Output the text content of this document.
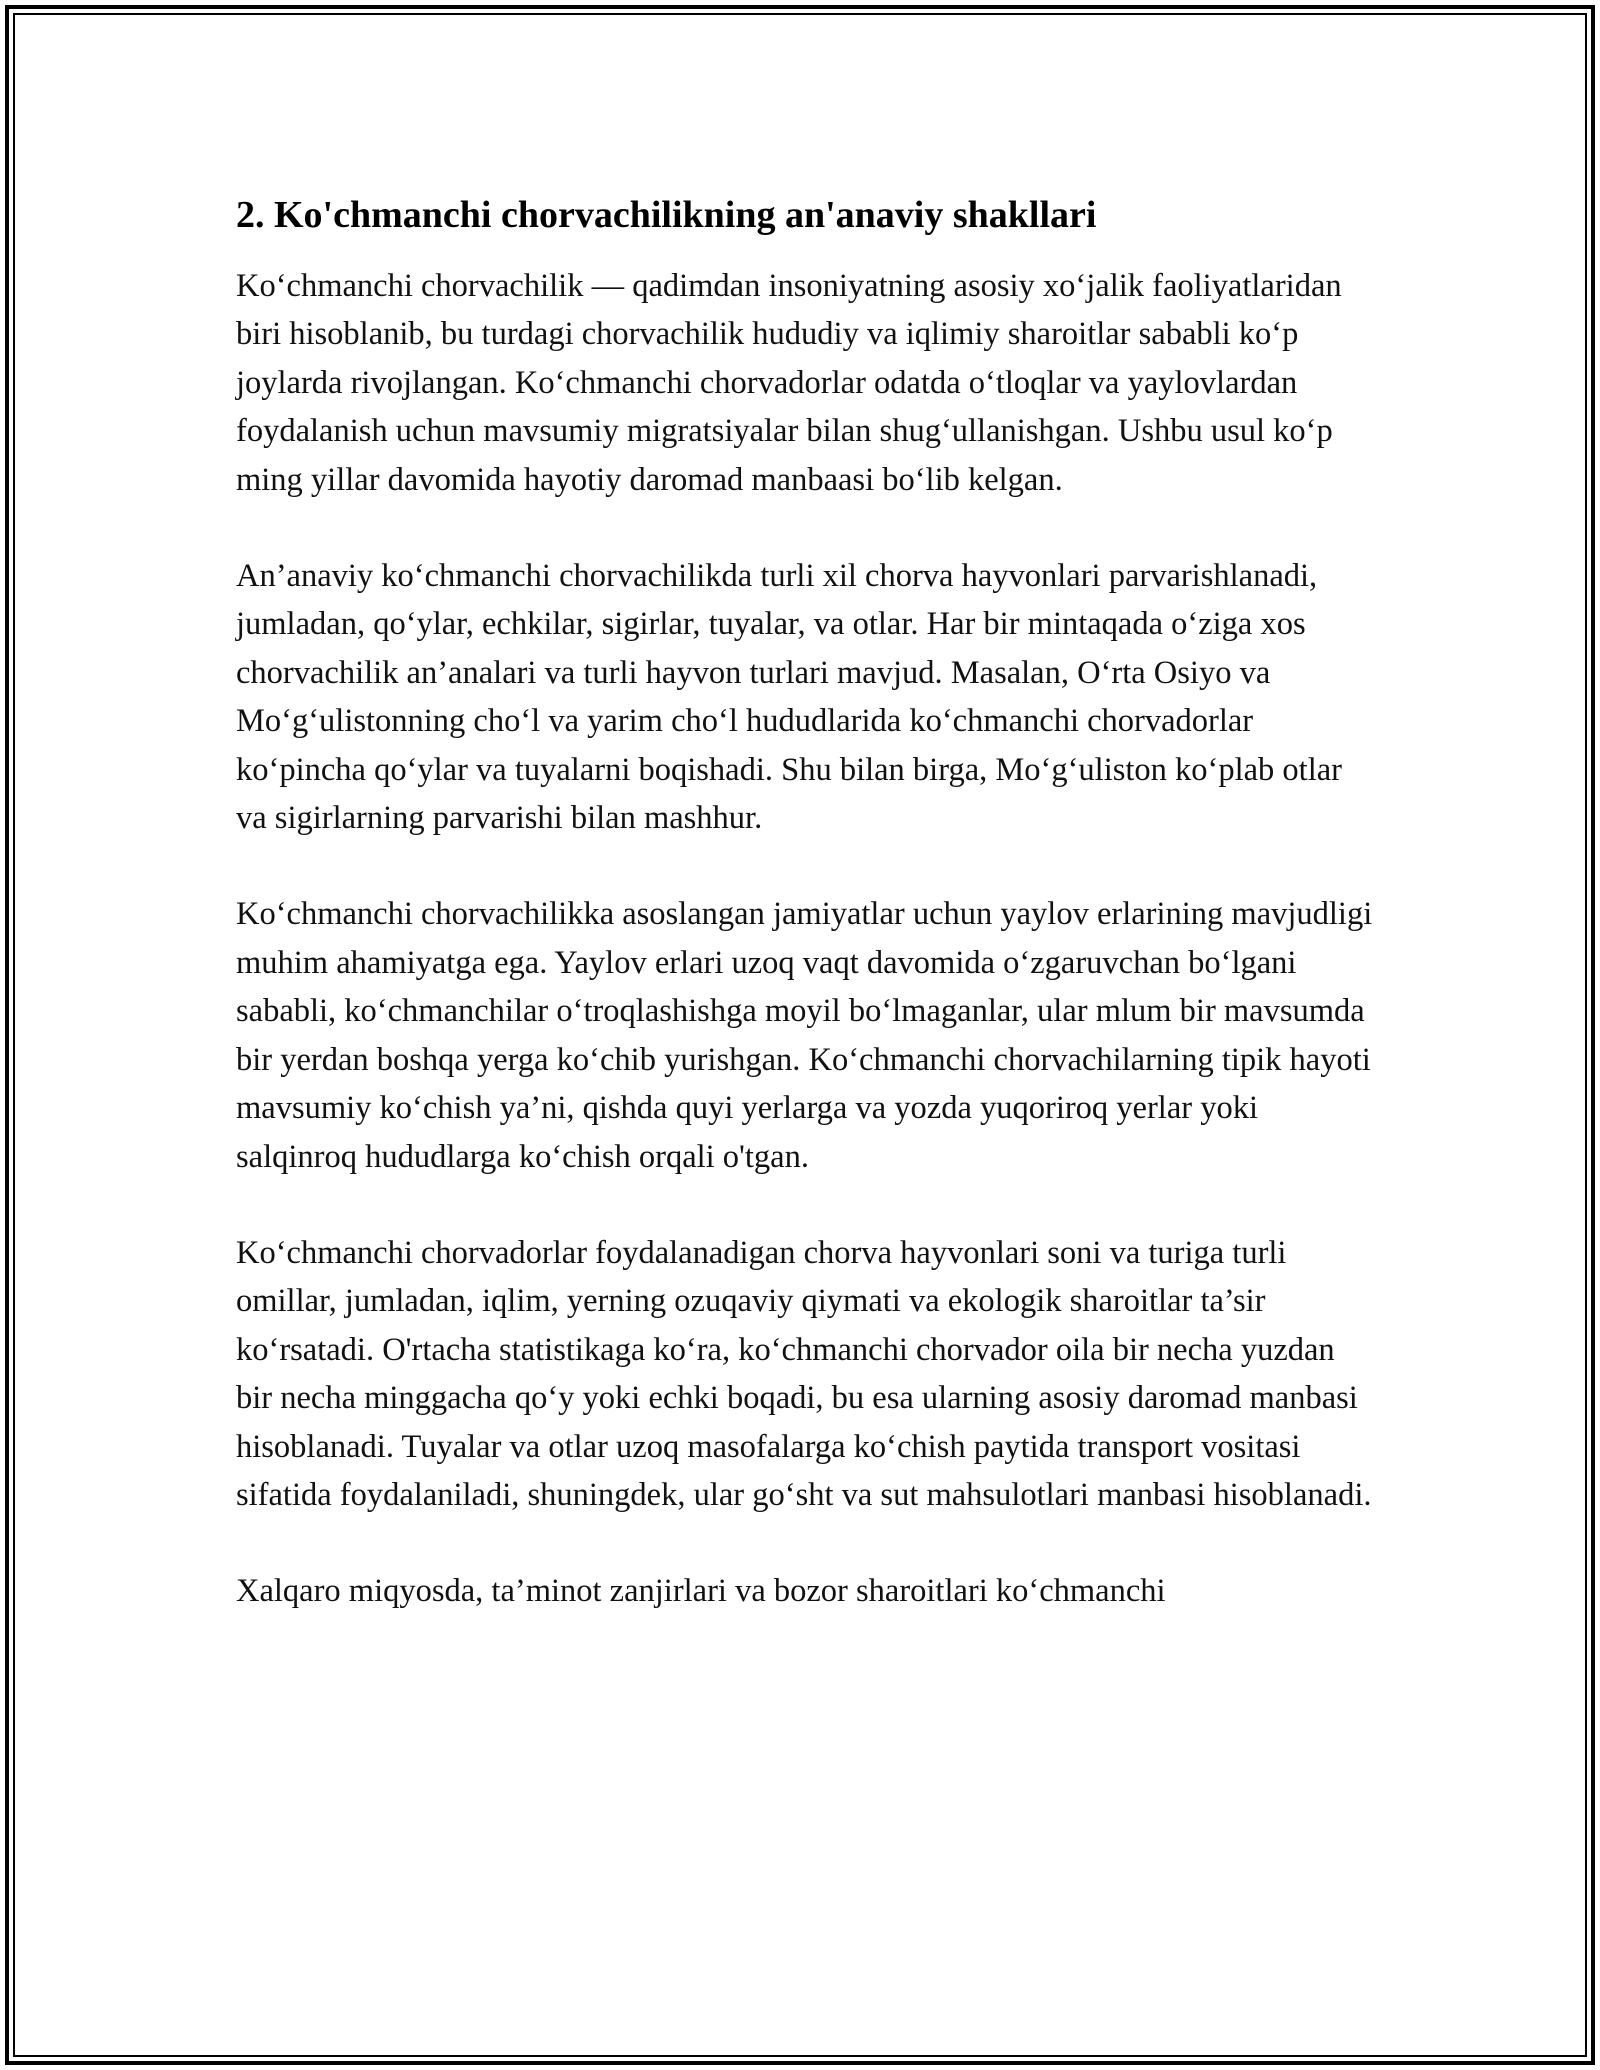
2. Ko'chmanchi chorvachilikning an'anaviy shakllari

Koʻchmanchi chorvachilik — qadimdan insoniyatning asosiy xoʻjalik faoliyatlaridan biri hisoblanib, bu turdagi chorvachilik hududiy va iqlimiy sharoitlar sababli koʻp joylarda rivojlangan. Koʻchmanchi chorvadorlar odatda oʻtloqlar va yaylovlardan foydalanish uchun mavsumiy migratsiyalar bilan shugʻullanishgan. Ushbu usul koʻp ming yillar davomida hayotiy daromad manbaasi boʻlib kelgan.

An’anaviy koʻchmanchi chorvachilikda turli xil chorva hayvonlari parvarishlanadi, jumladan, qoʻylar, echkilar, sigirlar, tuyalar, va otlar. Har bir mintaqada oʻziga xos chorvachilik an’analari va turli hayvon turlari mavjud. Masalan, Oʻrta Osiyo va Moʻgʻulistonning choʻl va yarim choʻl hududlarida koʻchmanchi chorvadorlar koʻpincha qoʻylar va tuyalarni boqishadi. Shu bilan birga, Moʻgʻuliston koʻplab otlar va sigirlarning parvarishi bilan mashhur.

Koʻchmanchi chorvachilikka asoslangan jamiyatlar uchun yaylov erlarining mavjudligi muhim ahamiyatga ega. Yaylov erlari uzoq vaqt davomida oʻzgaruvchan boʻlgani sababli, koʻchmanchilar oʻtroqlashishga moyil boʻlmaganlar, ular mlum bir mavsumda bir yerdan boshqa yerga koʻchib yurishgan. Koʻchmanchi chorvachilarning tipik hayoti mavsumiy koʻchish ya’ni, qishda quyi yerlarga va yozda yuqoriroq yerlar yoki salqinroq hududlarga koʻchish orqali o'tgan.

Koʻchmanchi chorvadorlar foydalanadigan chorva hayvonlari soni va turiga turli omillar, jumladan, iqlim, yerning ozuqaviy qiymati va ekologik sharoitlar ta’sir koʻrsatadi. O'rtacha statistikaga koʻra, koʻchmanchi chorvador oila bir necha yuzdan bir necha minggacha qoʻy yoki echki boqadi, bu esa ularning asosiy daromad manbasi hisoblanadi. Tuyalar va otlar uzoq masofalarga koʻchish paytida transport vositasi sifatida foydalaniladi, shuningdek, ular goʻsht va sut mahsulotlari manbasi hisoblanadi.

Xalqaro miqyosda, ta’minot zanjirlari va bozor sharoitlari koʻchmanchi
